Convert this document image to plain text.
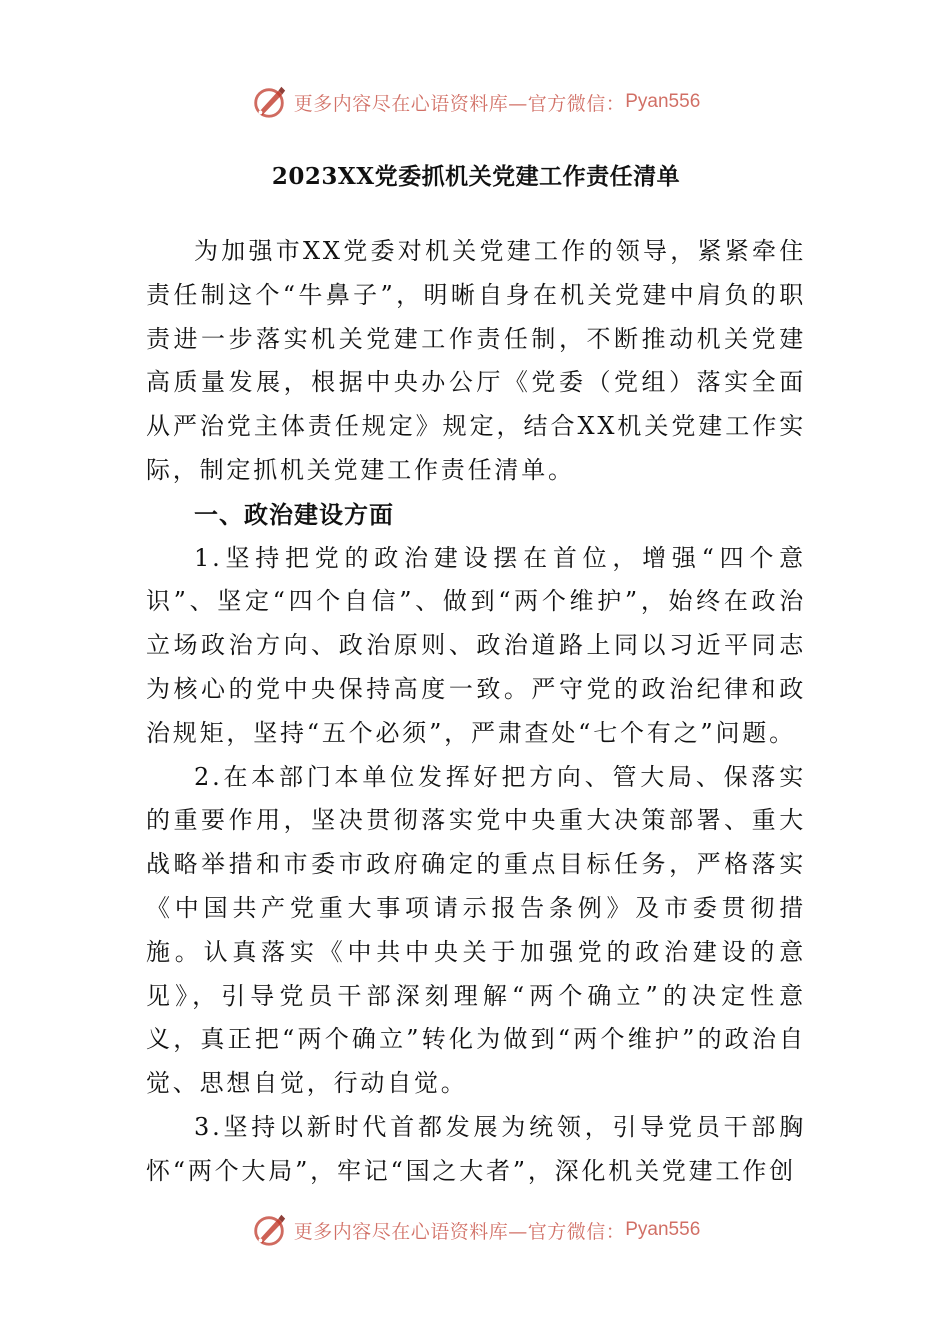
更多内容尽在心语资料库—官方微信： Pyan556
2023XX党委抓机关党建工作责任清单

为加强市XX党委对机关党建工作的领导，紧紧牵住责任制这个“牛鼻子”，明晰自身在机关党建中肩负的职责进一步落实机关党建工作责任制，不断推动机关党建高质量发展，根据中央办公厅《党委（党组）落实全面从严治党主体责任规定》规定，结合XX机关党建工作实际，制定抓机关党建工作责任清单。

一、政治建设方面

1.坚持把党的政治建设摆在首位，增强“四个意识”、坚定“四个自信”、做到“两个维护”，始终在政治立场政治方向、政治原则、政治道路上同以习近平同志为核心的党中央保持高度一致。严守党的政治纪律和政治规矩，坚持“五个必须”，严肃查处“七个有之”问题。

2.在本部门本单位发挥好把方向、管大局、保落实的重要作用，坚决贯彻落实党中央重大决策部署、重大战略举措和市委市政府确定的重点目标任务，严格落实《中国共产党重大事项请示报告条例》及市委贯彻措施。认真落实《中共中央关于加强党的政治建设的意见》，引导党员干部深刻理解“两个确立”的决定性意义，真正把“两个确立”转化为做到“两个维护”的政治自觉、思想自觉，行动自觉。

3.坚持以新时代首都发展为统领，引导党员干部胸怀“两个大局”，牢记“国之大者”，深化机关党建工作创

更多内容尽在心语资料库—官方微信： Pyan556
